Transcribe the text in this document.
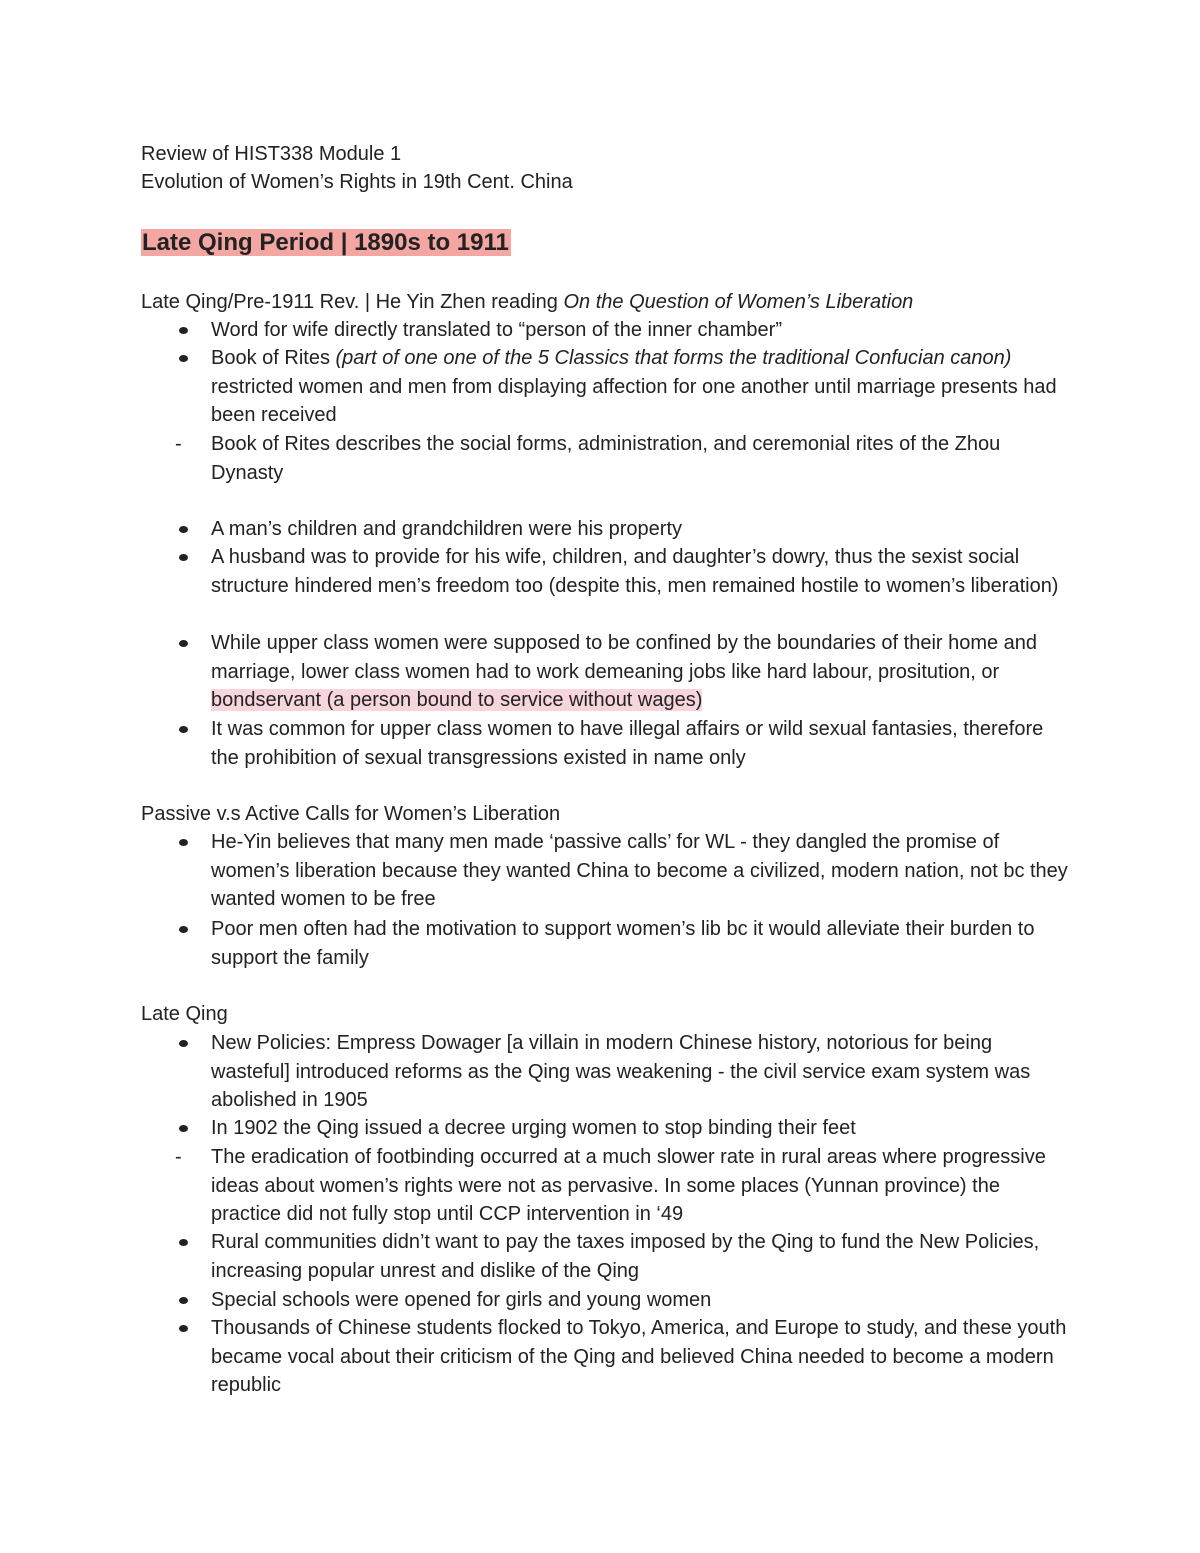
Review of HIST338 Module 1
Evolution of Women’s Rights in 19th Cent. China
Late Qing Period | 1890s to 1911
Late Qing/Pre-1911 Rev. | He Yin Zhen reading On the Question of Women’s Liberation
Word for wife directly translated to “person of the inner chamber”
Book of Rites (part of one one of the 5 Classics that forms the traditional Confucian canon) restricted women and men from displaying affection for one another until marriage presents had been received
- Book of Rites describes the social forms, administration, and ceremonial rites of the Zhou Dynasty
A man’s children and grandchildren were his property
A husband was to provide for his wife, children, and daughter’s dowry, thus the sexist social structure hindered men’s freedom too (despite this, men remained hostile to women’s liberation)
While upper class women were supposed to be confined by the boundaries of their home and marriage, lower class women had to work demeaning jobs like hard labour, prositution, or bondservant (a person bound to service without wages)
It was common for upper class women to have illegal affairs or wild sexual fantasies, therefore the prohibition of sexual transgressions existed in name only
Passive v.s Active Calls for Women’s Liberation
He-Yin believes that many men made ‘passive calls’ for WL - they dangled the promise of women’s liberation because they wanted China to become a civilized, modern nation, not bc they wanted women to be free
Poor men often had the motivation to support women’s lib bc it would alleviate their burden to support the family
Late Qing
New Policies: Empress Dowager [a villain in modern Chinese history, notorious for being wasteful] introduced reforms as the Qing was weakening - the civil service exam system was abolished in 1905
In 1902 the Qing issued a decree urging women to stop binding their feet
- The eradication of footbinding occurred at a much slower rate in rural areas where progressive ideas about women’s rights were not as pervasive. In some places (Yunnan province) the practice did not fully stop until CCP intervention in ‘49
Rural communities didn’t want to pay the taxes imposed by the Qing to fund the New Policies, increasing popular unrest and dislike of the Qing
Special schools were opened for girls and young women
Thousands of Chinese students flocked to Tokyo, America, and Europe to study, and these youth became vocal about their criticism of the Qing and believed China needed to become a modern republic
